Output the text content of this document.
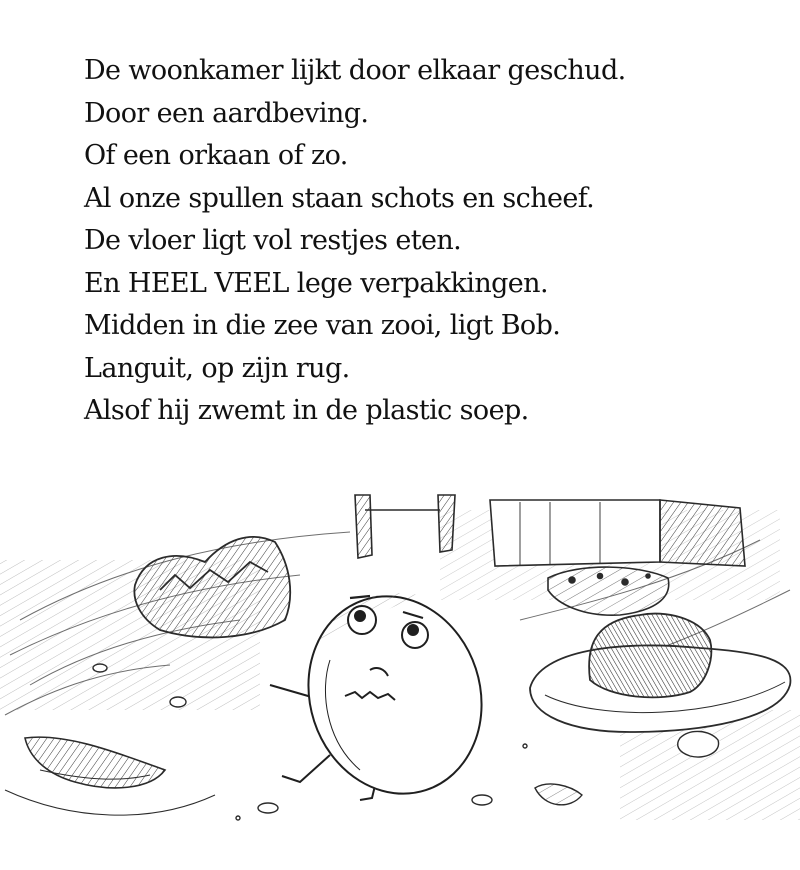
De woonkamer lijkt door elkaar geschud.
Door een aardbeving.
Of een orkaan of zo.
Al onze spullen staan schots en scheef.
De vloer ligt vol restjes eten.
En HEEL VEEL lege verpakkingen.
Midden in die zee van zooi, ligt Bob.
Languit, op zijn rug.
Alsof hij zwemt in de plastic soep.
